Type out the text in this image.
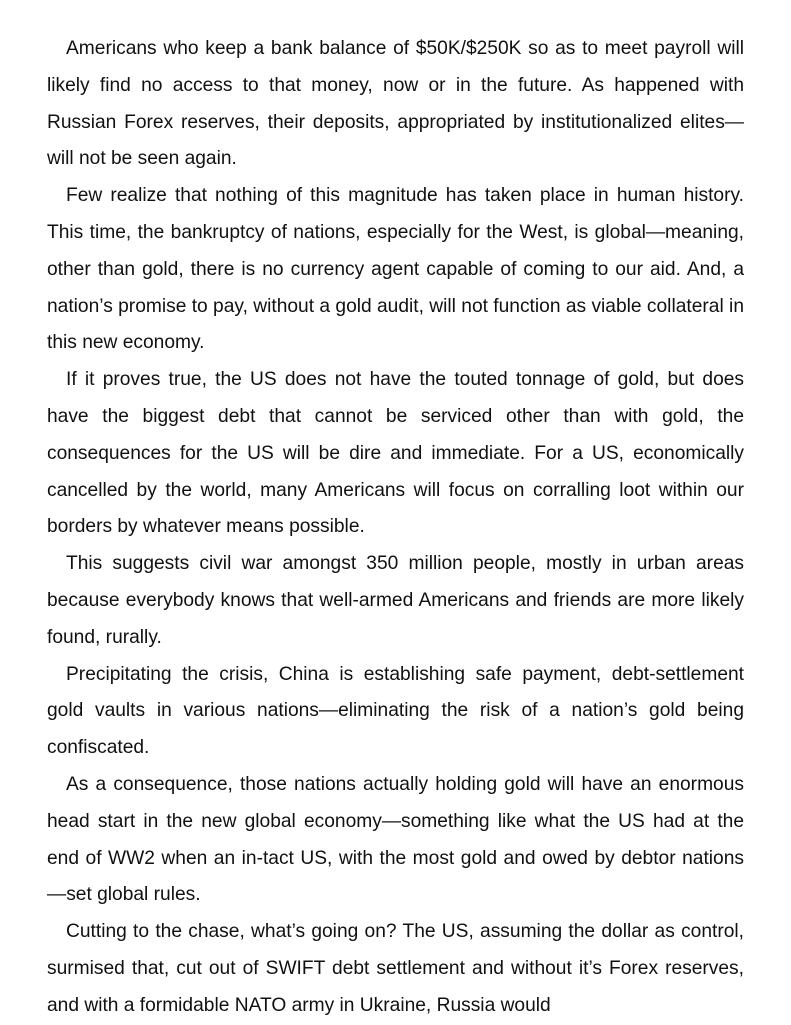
Americans who keep a bank balance of $50K/$250K so as to meet payroll will likely find no access to that money, now or in the future. As happened with Russian Forex reserves, their deposits, appropriated by institutionalized elites—will not be seen again.

Few realize that nothing of this magnitude has taken place in human history. This time, the bankruptcy of nations, especially for the West, is global—meaning, other than gold, there is no currency agent capable of coming to our aid. And, a nation’s promise to pay, without a gold audit, will not function as viable collateral in this new economy.

If it proves true, the US does not have the touted tonnage of gold, but does have the biggest debt that cannot be serviced other than with gold, the consequences for the US will be dire and immediate. For a US, economically cancelled by the world, many Americans will focus on corralling loot within our borders by whatever means possible.

This suggests civil war amongst 350 million people, mostly in urban areas because everybody knows that well-armed Americans and friends are more likely found, rurally.

Precipitating the crisis, China is establishing safe payment, debt-settlement gold vaults in various nations—eliminating the risk of a nation’s gold being confiscated.

As a consequence, those nations actually holding gold will have an enormous head start in the new global economy—something like what the US had at the end of WW2 when an in-tact US, with the most gold and owed by debtor nations—set global rules.

Cutting to the chase, what’s going on? The US, assuming the dollar as control, surmised that, cut out of SWIFT debt settlement and without it’s Forex reserves, and with a formidable NATO army in Ukraine, Russia would
